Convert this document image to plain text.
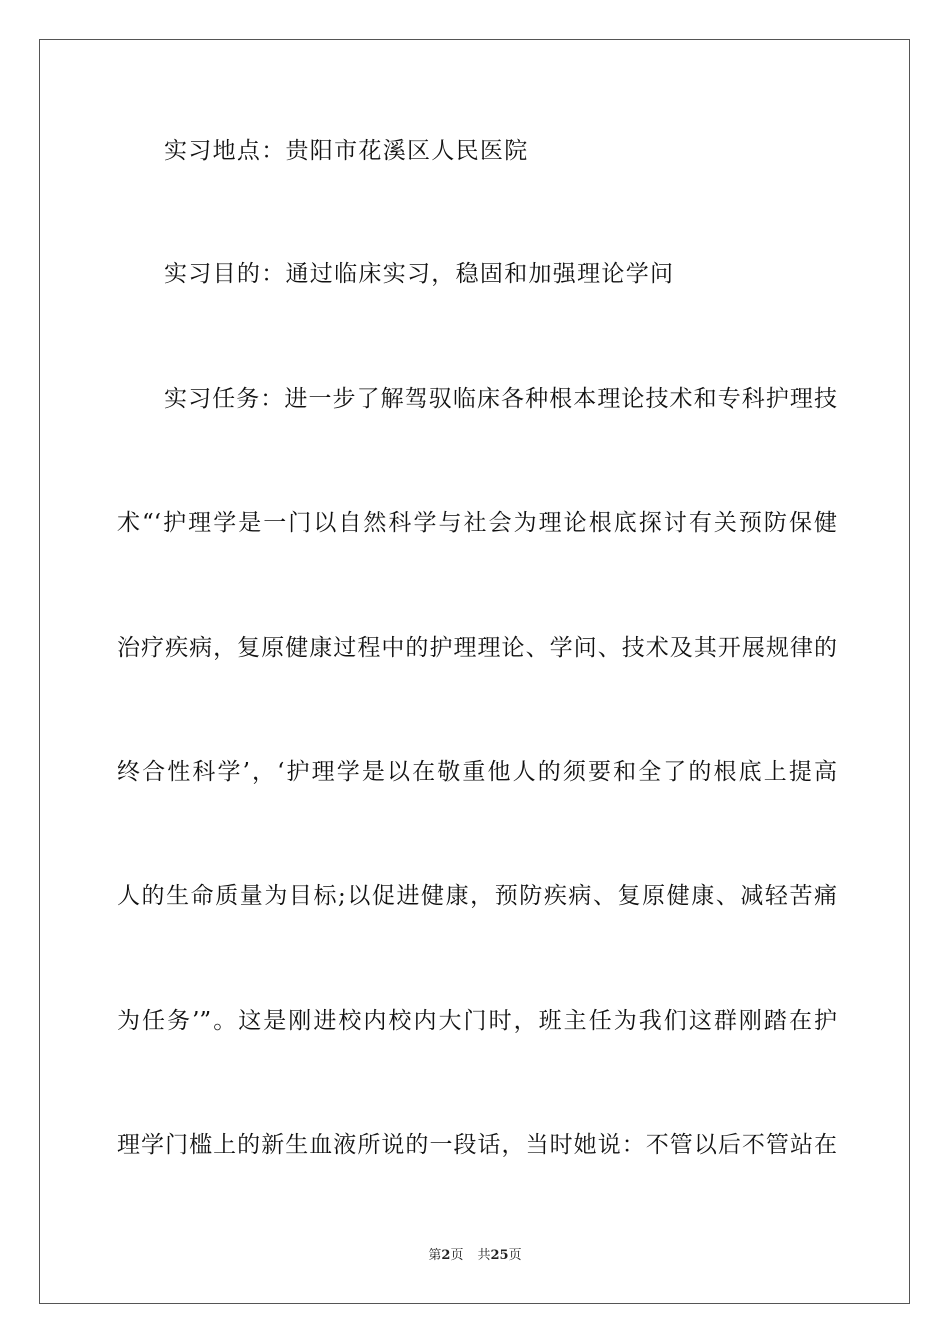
实习地点：贵阳市花溪区人民医院
实习目的：通过临床实习，稳固和加强理论学问
实习任务：进一步了解驾驭临床各种根本理论技术和专科护理技
术“‘护理学是一门以自然科学与社会为理论根底探讨有关预防保健
治疗疾病，复原健康过程中的护理理论、学问、技术及其开展规律的
终合性科学’，‘护理学是以在敬重他人的须要和全了的根底上提高
人的生命质量为目标;以促进健康，预防疾病、复原健康、减轻苦痛
为任务’”。这是刚进校内校内大门时，班主任为我们这群刚踏在护
理学门槛上的新生血液所说的一段话，当时她说：不管以后不管站在
第2页 共25页
